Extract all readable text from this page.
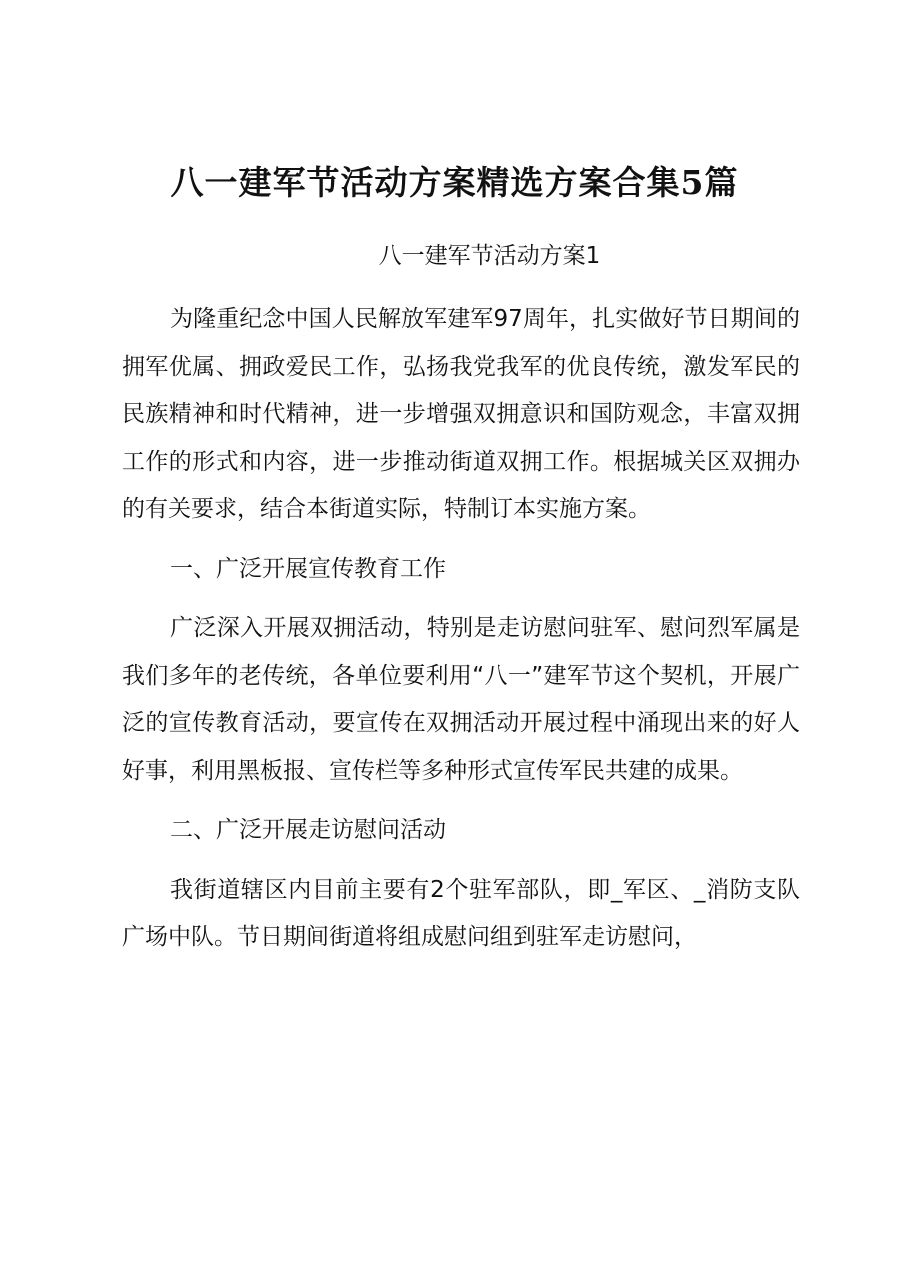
八一建军节活动方案精选方案合集5篇
八一建军节活动方案1

为隆重纪念中国人民解放军建军97周年，扎实做好节日期间的拥军优属、拥政爱民工作，弘扬我党我军的优良传统，激发军民的民族精神和时代精神，进一步增强双拥意识和国防观念，丰富双拥工作的形式和内容，进一步推动街道双拥工作。根据城关区双拥办的有关要求，结合本街道实际，特制订本实施方案。

一、广泛开展宣传教育工作

广泛深入开展双拥活动，特别是走访慰问驻军、慰问烈军属是我们多年的老传统，各单位要利用“八一”建军节这个契机，开展广泛的宣传教育活动，要宣传在双拥活动开展过程中涌现出来的好人好事，利用黑板报、宣传栏等多种形式宣传军民共建的成果。

二、广泛开展走访慰问活动

我街道辖区内目前主要有2个驻军部队，即_军区、_消防支队广场中队。节日期间街道将组成慰问组到驻军走访慰问，
